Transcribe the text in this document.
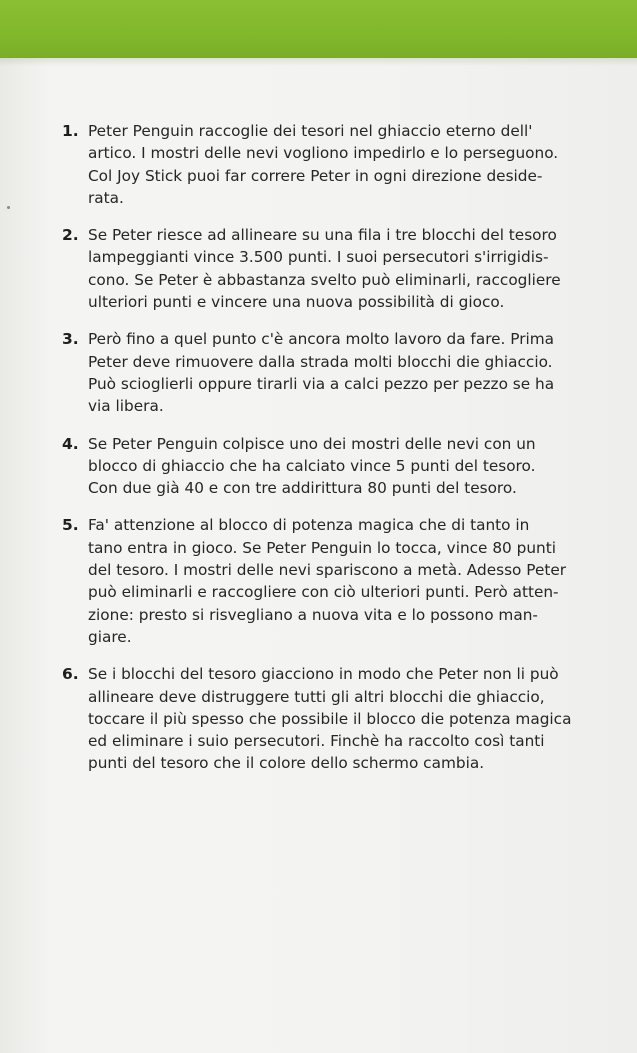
1. Peter Penguin raccoglie dei tesori nel ghiaccio eterno dell'
artico. I mostri delle nevi vogliono impedirlo e lo perseguono.
Col Joy Stick puoi far correre Peter in ogni direzione deside-
rata.
2. Se Peter riesce ad allineare su una fila i tre blocchi del tesoro
lampeggianti vince 3.500 punti. I suoi persecutori s'irrigidis-
cono. Se Peter è abbastanza svelto può eliminarli, raccogliere
ulteriori punti e vincere una nuova possibilità di gioco.
3. Però fino a quel punto c'è ancora molto lavoro da fare. Prima
Peter deve rimuovere dalla strada molti blocchi die ghiaccio.
Può scioglierli oppure tirarli via a calci pezzo per pezzo se ha
via libera.
4. Se Peter Penguin colpisce uno dei mostri delle nevi con un
blocco di ghiaccio che ha calciato vince 5 punti del tesoro.
Con due già 40 e con tre addirittura 80 punti del tesoro.
5. Fa' attenzione al blocco di potenza magica che di tanto in
tano entra in gioco. Se Peter Penguin lo tocca, vince 80 punti
del tesoro. I mostri delle nevi spariscono a metà. Adesso Peter
può eliminarli e raccogliere con ciò ulteriori punti. Però atten-
zione: presto si risvegliano a nuova vita e lo possono man-
giare.
6. Se i blocchi del tesoro giacciono in modo che Peter non li può
allineare deve distruggere tutti gli altri blocchi die ghiaccio,
toccare il più spesso che possibile il blocco die potenza magica
ed eliminare i suio persecutori. Finchè ha raccolto così tanti
punti del tesoro che il colore dello schermo cambia.
